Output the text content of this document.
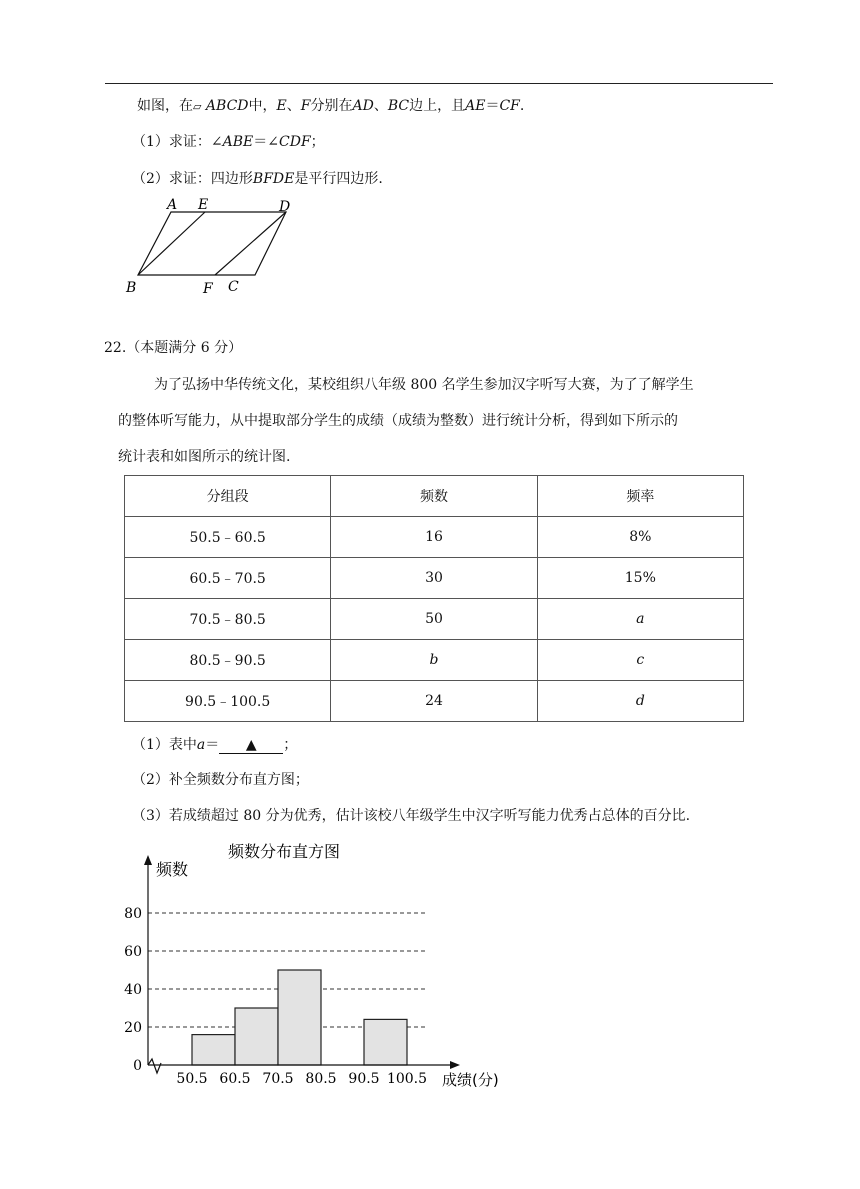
如图，在▱ ABCD中，E、F分别在AD、BC边上，且AE＝CF.
（1）求证：∠ABE＝∠CDF；
（2）求证：四边形BFDE是平行四边形.
A E	D
B	F C
22.（本题满分 6 分）
为了弘扬中华传统文化，某校组织八年级 800 名学生参加汉字听写大赛，为了了解学生
的整体听写能力，从中提取部分学生的成绩（成绩为整数）进行统计分析，得到如下所示的
统计表和如图所示的统计图.
分组段	频数	频率
50.5﹣60.5	16	8%
60.5﹣70.5	30	15%
70.5﹣80.5	50	a
80.5﹣90.5	b	c
90.5﹣100.5	24	d
（1）表中a＝ ▲ ；
（2）补全频数分布直方图；
（3）若成绩超过 80 分为优秀，估计该校八年级学生中汉字听写能力优秀占总体的百分比.
频数分布直方图
频数
成绩(分)
0
20
40
60
80
50.5 60.5 70.5 80.5 90.5 100.5
